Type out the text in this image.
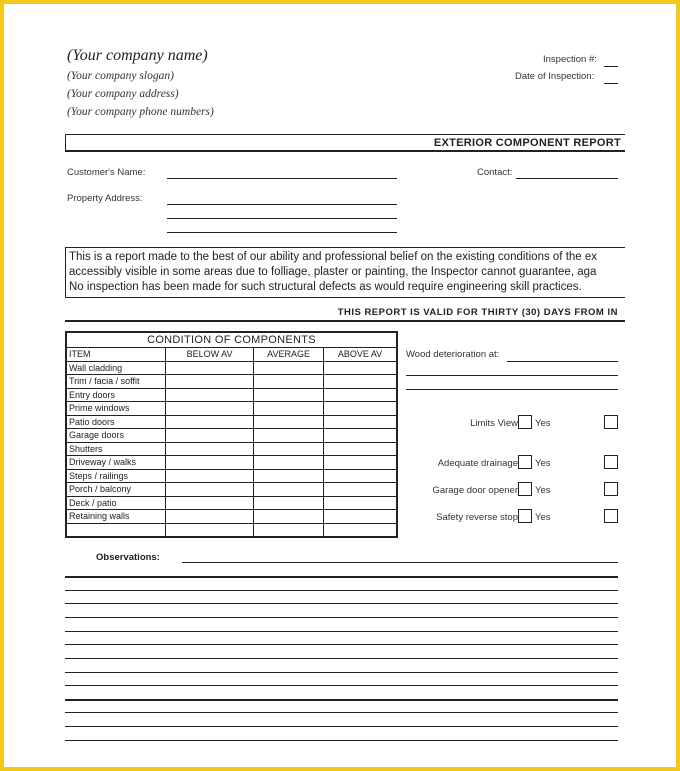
(Your company name)
(Your company slogan)
(Your company address)
(Your company phone numbers)
Inspection #:
Date of Inspection:
EXTERIOR COMPONENT REPORT
Customer's Name:	Contact:
Property Address:
This is a report made to the best of our ability and professional belief on the existing conditions of the ex
accessibly visible in some areas due to folliage, plaster or painting, the Inspector cannot guarantee, aga
No inspection has been made for such structural defects as would require engineering skill practices.
THIS REPORT IS VALID FOR THIRTY (30) DAYS FROM IN
CONDITION OF COMPONENTS			
ITEM	BELOW AV	AVERAGE	ABOVE AV
Wall cladding			
Trim / facia / soffit			
Entry doors			
Prime windows			
Patio doors			
Garage doors			
Shutters			
Driveway / walks			
Steps / railings			
Porch / balcony			
Deck / patio			
Retaining walls			

Wood deterioration at:
Limits View Yes
Adequate drainage Yes
Garage door opener Yes
Safety reverse stop Yes
Observations:
